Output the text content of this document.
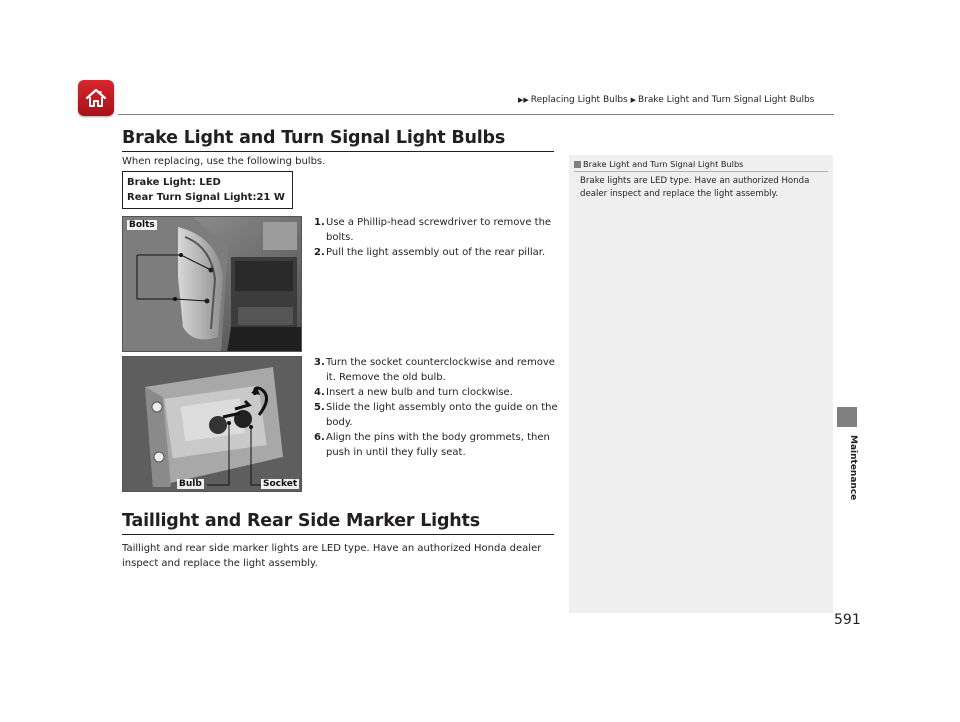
▶▶ Replacing Light Bulbs ▶ Brake Light and Turn Signal Light Bulbs
Maintenance
Brake Light and Turn Signal Light Bulbs
When replacing, use the following bulbs.
Brake Light: LED
Rear Turn Signal Light:21 W
Bolts	1. Use a Phillip-head screwdriver to remove the bolts.
2. Pull the light assembly out of the rear pillar.
Bulb	Socket
3. Turn the socket counterclockwise and remove it. Remove the old bulb.
4. Insert a new bulb and turn clockwise.
5. Slide the light assembly onto the guide on the body.
6. Align the pins with the body grommets, then push in until they fully seat.
Taillight and Rear Side Marker Lights
Taillight and rear side marker lights are LED type. Have an authorized Honda dealer inspect and replace the light assembly.
Brake Light and Turn Signal Light Bulbs
Brake lights are LED type. Have an authorized Honda dealer inspect and replace the light assembly.
591
